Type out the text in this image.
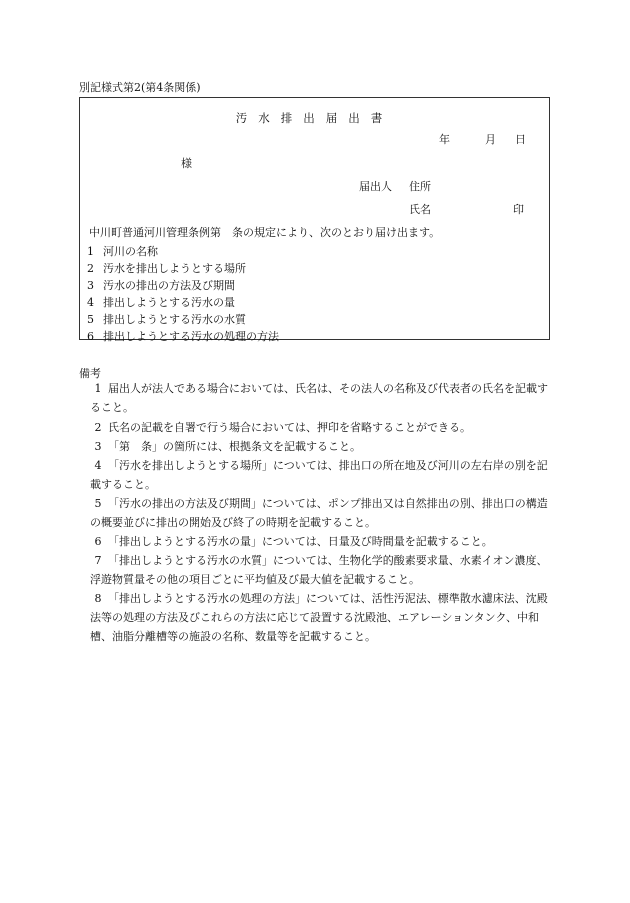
別記様式第2(第4条関係)
汚水排出届出書
年	月 日
様
届出人 住所
氏名	印
中川町普通河川管理条例第　条の規定により、次のとおり届け出ます。
1 河川の名称
2 汚水を排出しようとする場所
3 汚水の排出の方法及び期間
4 排出しようとする汚水の量
5 排出しようとする汚水の水質
6 排出しようとする汚水の処理の方法
備考
1 届出人が法人である場合においては、氏名は、その法人の名称及び代表者の氏名を記載すること。
2 氏名の記載を自署で行う場合においては、押印を省略することができる。
3 「第　条」の箇所には、根拠条文を記載すること。
4 「汚水を排出しようとする場所」については、排出口の所在地及び河川の左右岸の別を記載すること。
5 「汚水の排出の方法及び期間」については、ポンプ排出又は自然排出の別、排出口の構造の概要並びに排出の開始及び終了の時期を記載すること。
6 「排出しようとする汚水の量」については、日量及び時間量を記載すること。
7 「排出しようとする汚水の水質」については、生物化学的酸素要求量、水素イオン濃度、浮遊物質量その他の項目ごとに平均値及び最大値を記載すること。
8 「排出しようとする汚水の処理の方法」については、活性汚泥法、標準散水濾床法、沈殿法等の処理の方法及びこれらの方法に応じて設置する沈殿池、エアレーションタンク、中和槽、油脂分離槽等の施設の名称、数量等を記載すること。
